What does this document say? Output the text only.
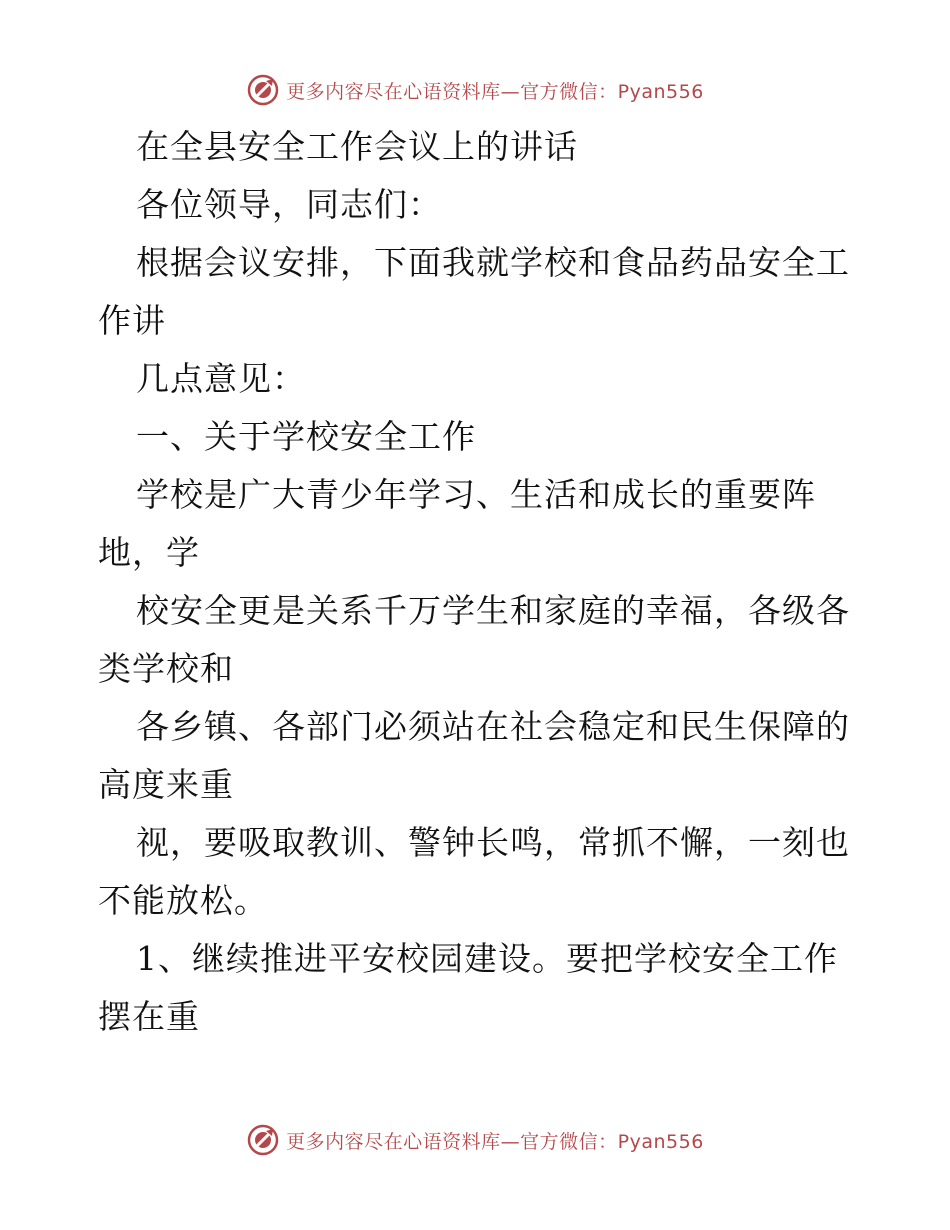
更多内容尽在心语资料库—官方微信：Pyan556

在全县安全工作会议上的讲话

各位领导，同志们：

根据会议安排，下面我就学校和食品药品安全工
作讲

几点意见：

一、关于学校安全工作

学校是广大青少年学习、生活和成长的重要阵
地，学

校安全更是关系千万学生和家庭的幸福，各级各
类学校和

各乡镇、各部门必须站在社会稳定和民生保障的
高度来重

视，要吸取教训、警钟长鸣，常抓不懈，一刻也
不能放松。

1、继续推进平安校园建设。要把学校安全工作
摆在重

更多内容尽在心语资料库—官方微信：Pyan556
